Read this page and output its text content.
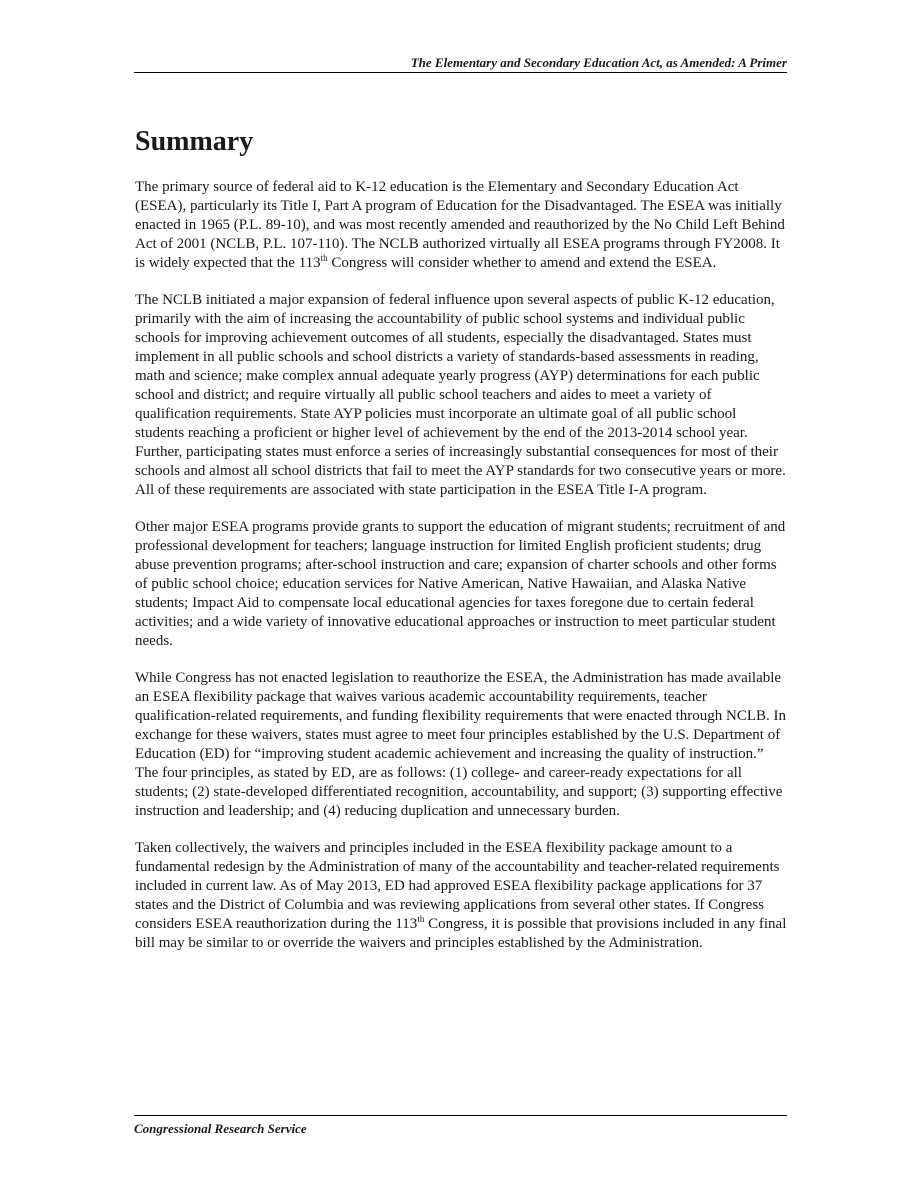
The Elementary and Secondary Education Act, as Amended: A Primer
Summary

The primary source of federal aid to K-12 education is the Elementary and Secondary Education Act (ESEA), particularly its Title I, Part A program of Education for the Disadvantaged. The ESEA was initially enacted in 1965 (P.L. 89-10), and was most recently amended and reauthorized by the No Child Left Behind Act of 2001 (NCLB, P.L. 107-110). The NCLB authorized virtually all ESEA programs through FY2008. It is widely expected that the 113th Congress will consider whether to amend and extend the ESEA.

The NCLB initiated a major expansion of federal influence upon several aspects of public K-12 education, primarily with the aim of increasing the accountability of public school systems and individual public schools for improving achievement outcomes of all students, especially the disadvantaged. States must implement in all public schools and school districts a variety of standards-based assessments in reading, math and science; make complex annual adequate yearly progress (AYP) determinations for each public school and district; and require virtually all public school teachers and aides to meet a variety of qualification requirements. State AYP policies must incorporate an ultimate goal of all public school students reaching a proficient or higher level of achievement by the end of the 2013-2014 school year. Further, participating states must enforce a series of increasingly substantial consequences for most of their schools and almost all school districts that fail to meet the AYP standards for two consecutive years or more. All of these requirements are associated with state participation in the ESEA Title I-A program.

Other major ESEA programs provide grants to support the education of migrant students; recruitment of and professional development for teachers; language instruction for limited English proficient students; drug abuse prevention programs; after-school instruction and care; expansion of charter schools and other forms of public school choice; education services for Native American, Native Hawaiian, and Alaska Native students; Impact Aid to compensate local educational agencies for taxes foregone due to certain federal activities; and a wide variety of innovative educational approaches or instruction to meet particular student needs.

While Congress has not enacted legislation to reauthorize the ESEA, the Administration has made available an ESEA flexibility package that waives various academic accountability requirements, teacher qualification-related requirements, and funding flexibility requirements that were enacted through NCLB. In exchange for these waivers, states must agree to meet four principles established by the U.S. Department of Education (ED) for “improving student academic achievement and increasing the quality of instruction.” The four principles, as stated by ED, are as follows: (1) college- and career-ready expectations for all students; (2) state-developed differentiated recognition, accountability, and support; (3) supporting effective instruction and leadership; and (4) reducing duplication and unnecessary burden.

Taken collectively, the waivers and principles included in the ESEA flexibility package amount to a fundamental redesign by the Administration of many of the accountability and teacher-related requirements included in current law. As of May 2013, ED had approved ESEA flexibility package applications for 37 states and the District of Columbia and was reviewing applications from several other states. If Congress considers ESEA reauthorization during the 113th Congress, it is possible that provisions included in any final bill may be similar to or override the waivers and principles established by the Administration.

Congressional Research Service
